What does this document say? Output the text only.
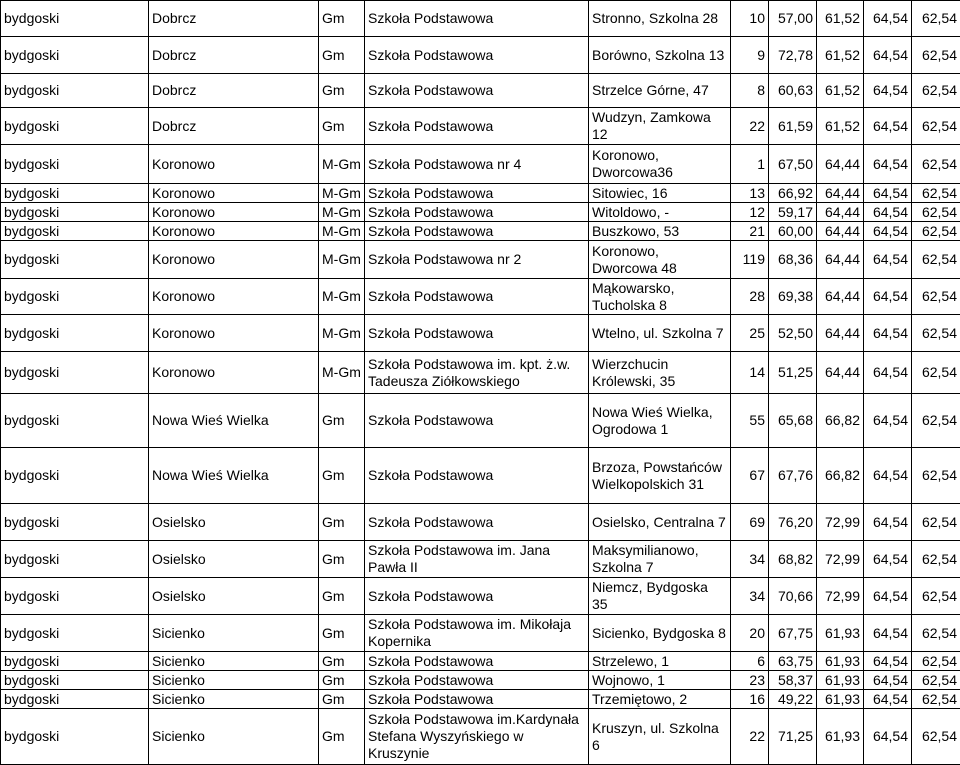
bydgoski	Dobrcz	Gm	Szkoła Podstawowa	Stronno, Szkolna 28	10	57,00	61,52	64,54	62,54
bydgoski	Dobrcz	Gm	Szkoła Podstawowa	Borówno, Szkolna 13	9	72,78	61,52	64,54	62,54
bydgoski	Dobrcz	Gm	Szkoła Podstawowa	Strzelce Górne, 47	8	60,63	61,52	64,54	62,54
bydgoski	Dobrcz	Gm	Szkoła Podstawowa	Wudzyn, Zamkowa 12	22	61,59	61,52	64,54	62,54
bydgoski	Koronowo	M-Gm	Szkoła Podstawowa nr 4	Koronowo, Dworcowa36	1	67,50	64,44	64,54	62,54
bydgoski	Koronowo	M-Gm	Szkoła Podstawowa	Sitowiec, 16	13	66,92	64,44	64,54	62,54
bydgoski	Koronowo	M-Gm	Szkoła Podstawowa	Witoldowo, -	12	59,17	64,44	64,54	62,54
bydgoski	Koronowo	M-Gm	Szkoła Podstawowa	Buszkowo, 53	21	60,00	64,44	64,54	62,54
bydgoski	Koronowo	M-Gm	Szkoła Podstawowa nr 2	Koronowo, Dworcowa 48	119	68,36	64,44	64,54	62,54
bydgoski	Koronowo	M-Gm	Szkoła Podstawowa	Mąkowarsko, Tucholska 8	28	69,38	64,44	64,54	62,54
bydgoski	Koronowo	M-Gm	Szkoła Podstawowa	Wtelno, ul. Szkolna 7	25	52,50	64,44	64,54	62,54
bydgoski	Koronowo	M-Gm	Szkoła Podstawowa im. kpt. ż.w. Tadeusza Ziółkowskiego	Wierzchucin Królewski, 35	14	51,25	64,44	64,54	62,54
bydgoski	Nowa Wieś Wielka	Gm	Szkoła Podstawowa	Nowa Wieś Wielka, Ogrodowa 1	55	65,68	66,82	64,54	62,54
bydgoski	Nowa Wieś Wielka	Gm	Szkoła Podstawowa	Brzoza, Powstańców Wielkopolskich 31	67	67,76	66,82	64,54	62,54
bydgoski	Osielsko	Gm	Szkoła Podstawowa	Osielsko, Centralna 7	69	76,20	72,99	64,54	62,54
bydgoski	Osielsko	Gm	Szkoła Podstawowa im. Jana Pawła II	Maksymilianowo, Szkolna 7	34	68,82	72,99	64,54	62,54
bydgoski	Osielsko	Gm	Szkoła Podstawowa	Niemcz, Bydgoska 35	34	70,66	72,99	64,54	62,54
bydgoski	Sicienko	Gm	Szkoła Podstawowa im. Mikołaja Kopernika	Sicienko, Bydgoska 8	20	67,75	61,93	64,54	62,54
bydgoski	Sicienko	Gm	Szkoła Podstawowa	Strzelewo, 1	6	63,75	61,93	64,54	62,54
bydgoski	Sicienko	Gm	Szkoła Podstawowa	Wojnowo, 1	23	58,37	61,93	64,54	62,54
bydgoski	Sicienko	Gm	Szkoła Podstawowa	Trzemiętowo, 2	16	49,22	61,93	64,54	62,54
bydgoski	Sicienko	Gm	Szkoła Podstawowa im.Kardynała Stefana Wyszyńskiego w Kruszynie	Kruszyn, ul. Szkolna 6	22	71,25	61,93	64,54	62,54
